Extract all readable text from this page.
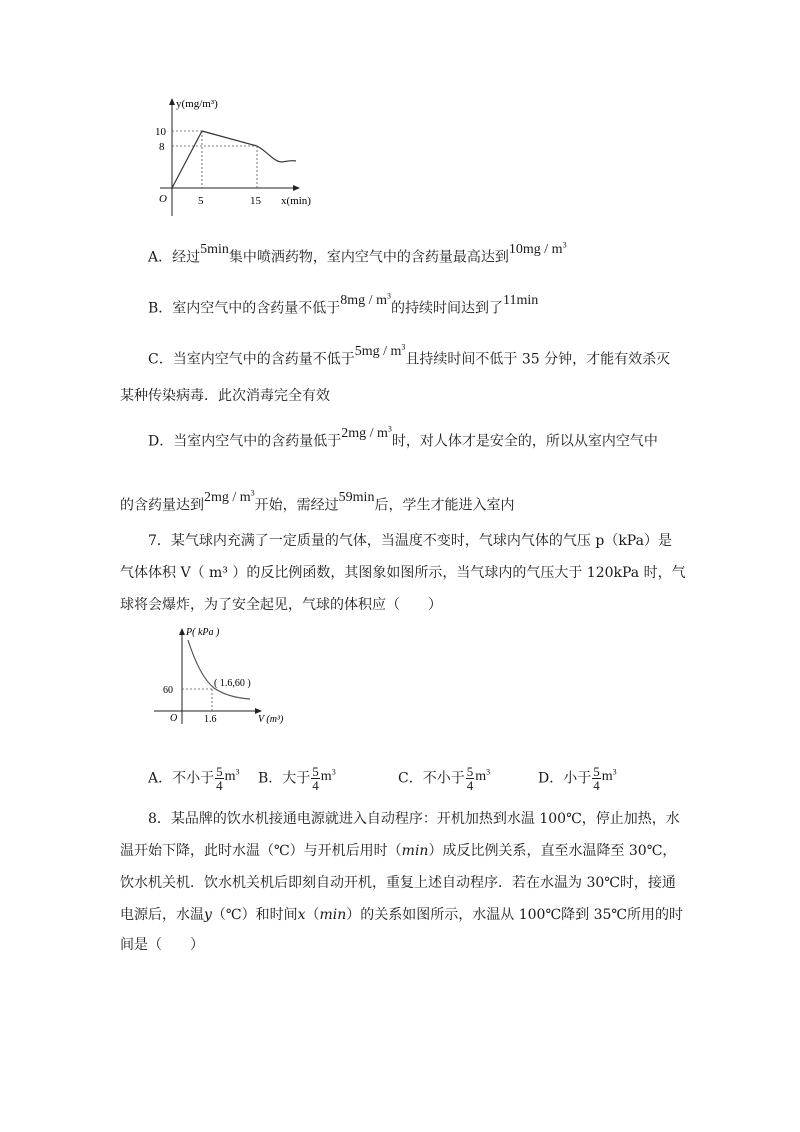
y(mg/m³)
10
8
O	5	15 x(min)
A．经过5min集中喷洒药物，室内空气中的含药量最高达到$10mg / m^3$
B．室内空气中的含药量不低于$8mg / m^3$的持续时间达到了11min
C．当室内空气中的含药量不低于$5mg / m^3$且持续时间不低于 35 分钟，才能有效杀灭
某种传染病毒．此次消毒完全有效
D．当室内空气中的含药量低于$2mg / m^3$时，对人体才是安全的，所以从室内空气中
的含药量达到$2mg / m^3$开始，需经过59min后，学生才能进入室内
7．某气球内充满了一定质量的气体，当温度不变时，气球内气体的气压 p（kPa）是
气体体积 V（ m³ ）的反比例函数，其图象如图所示，当气球内的气压大于 120kPa 时，气
球将会爆炸，为了安全起见，气球的体积应（　　）
P( kPa )
( 1.6,60 )
60
O	1.6	V (m³)
A．不小于 $\frac{5}{4} m^3$ B．大于 $\frac{5}{4} m^3$	C．不小于 $\frac{5}{4} m^3$	D．小于 $\frac{5}{4} m^3$
8．某品牌的饮水机接通电源就进入自动程序：开机加热到水温 100℃，停止加热，水
温开始下降，此时水温（℃）与开机后用时（min）成反比例关系，直至水温降至 30℃，
饮水机关机．饮水机关机后即刻自动开机，重复上述自动程序．若在水温为 30℃时，接通
电源后，水温y（℃）和时间x（min）的关系如图所示，水温从 100℃降到 35℃所用的时
间是（　　）
